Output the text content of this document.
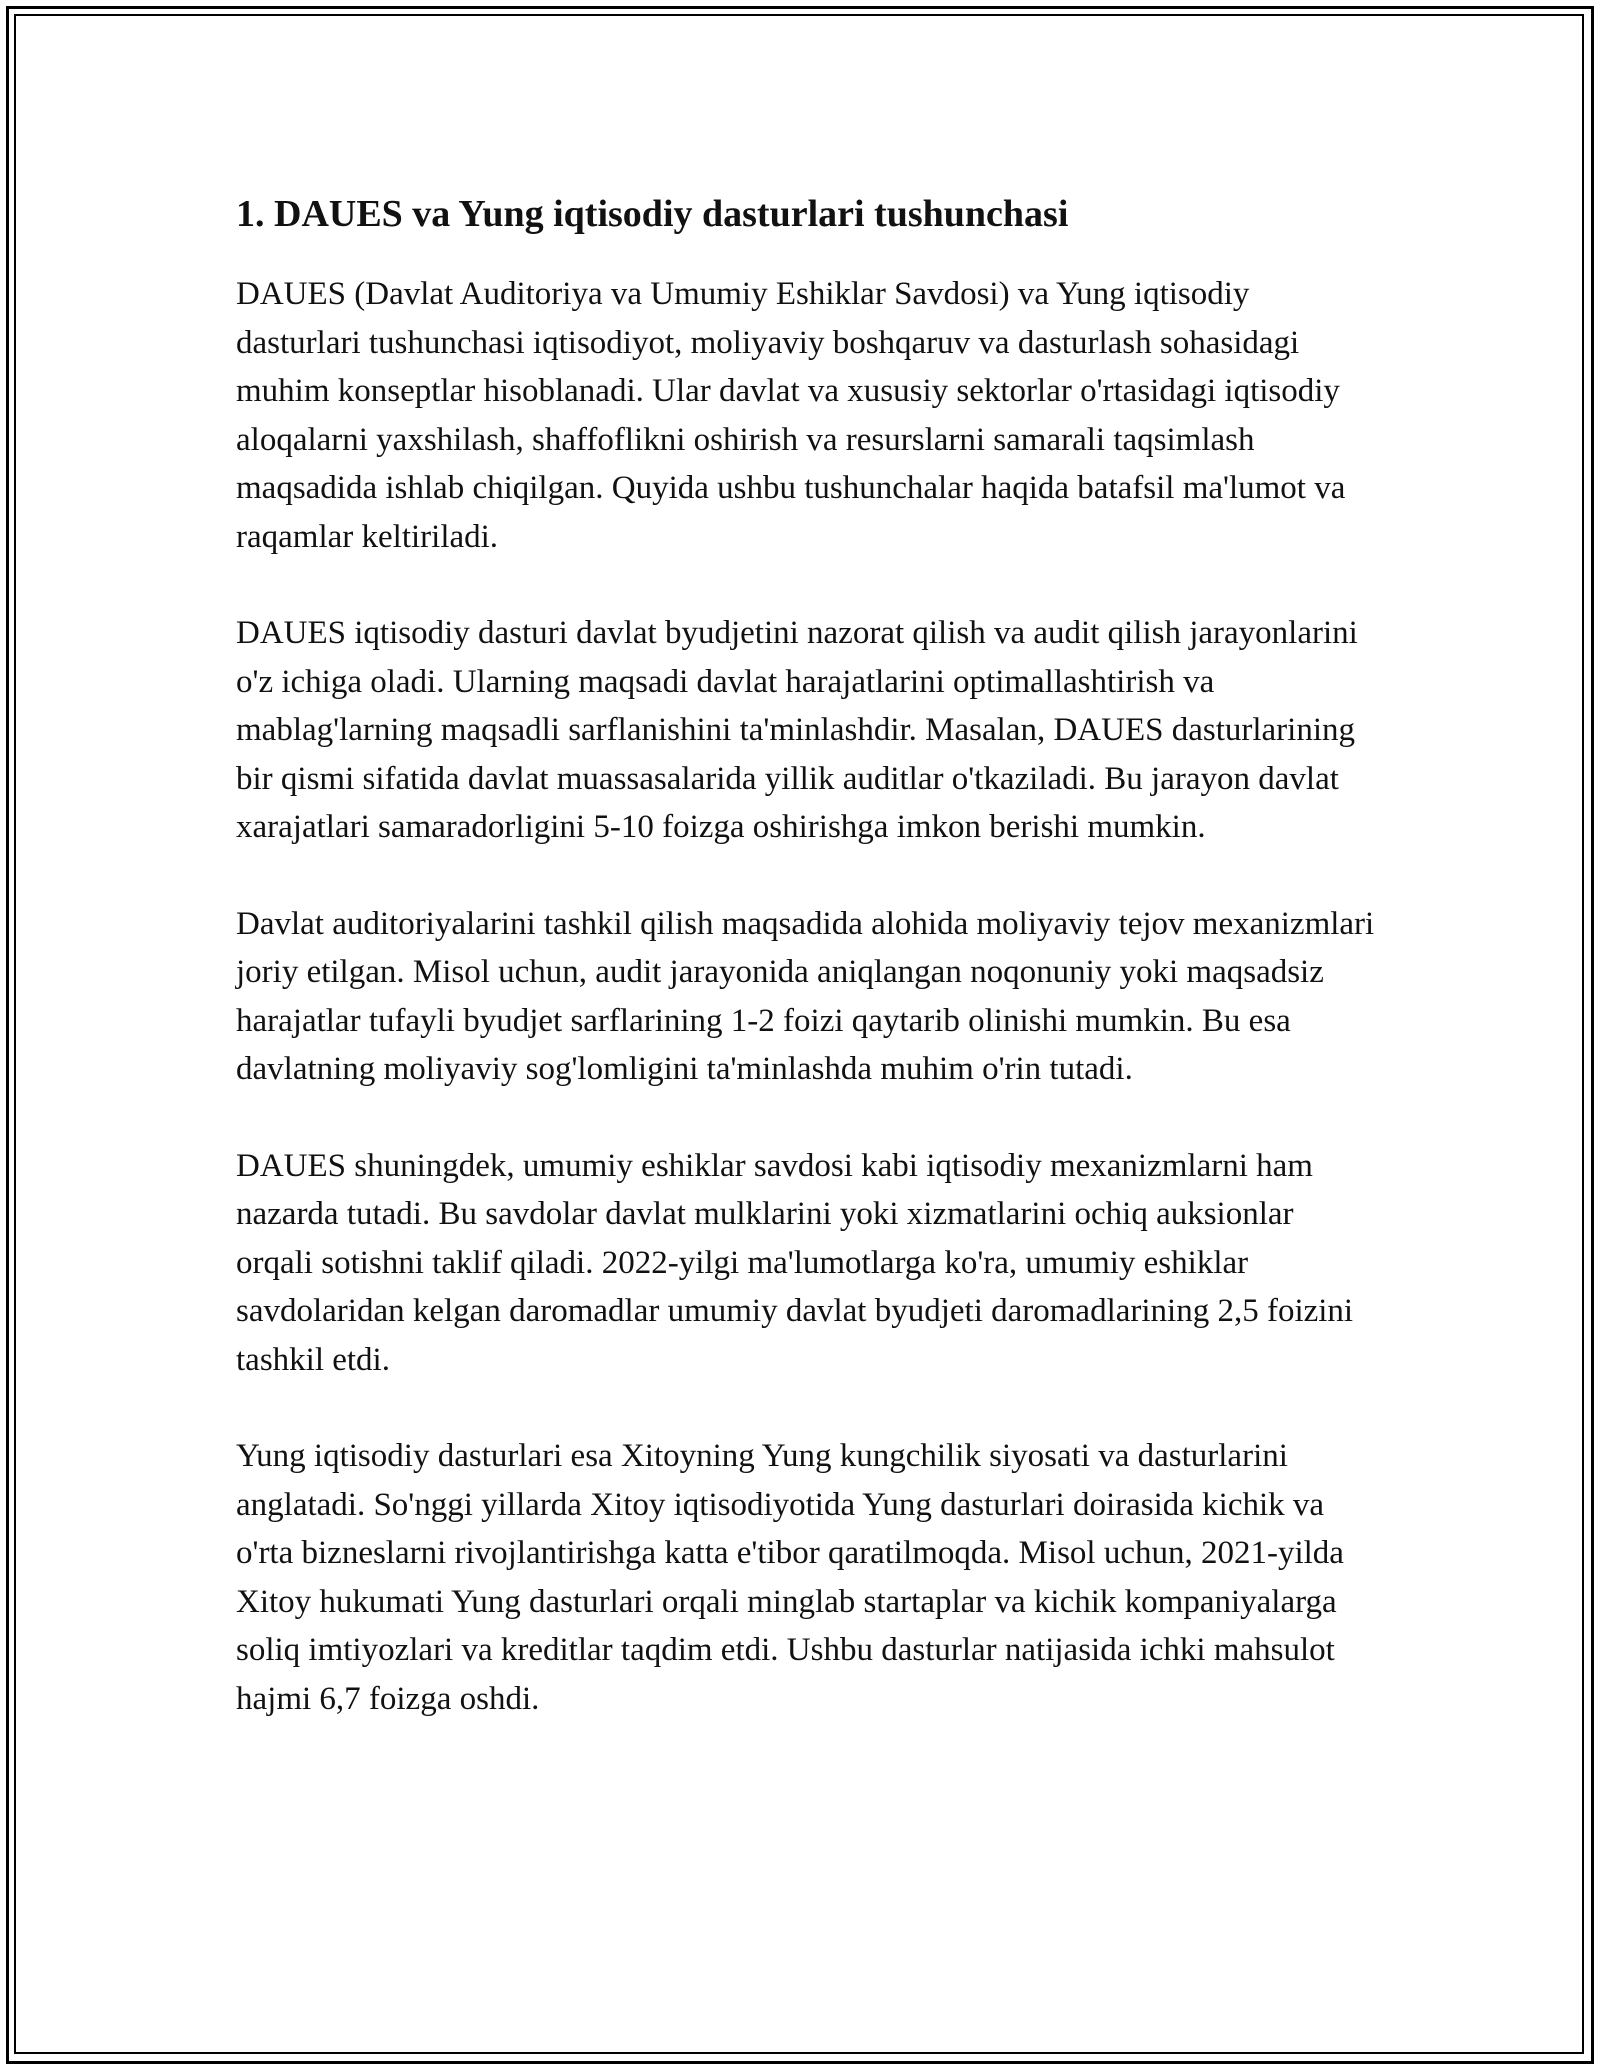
1. DAUES va Yung iqtisodiy dasturlari tushunchasi

DAUES (Davlat Auditoriya va Umumiy Eshiklar Savdosi) va Yung iqtisodiy dasturlari tushunchasi iqtisodiyot, moliyaviy boshqaruv va dasturlash sohasidagi muhim konseptlar hisoblanadi. Ular davlat va xususiy sektorlar o'rtasidagi iqtisodiy aloqalarni yaxshilash, shaffoflikni oshirish va resurslarni samarali taqsimlash maqsadida ishlab chiqilgan. Quyida ushbu tushunchalar haqida batafsil ma'lumot va raqamlar keltiriladi.

DAUES iqtisodiy dasturi davlat byudjetini nazorat qilish va audit qilish jarayonlarini o'z ichiga oladi. Ularning maqsadi davlat harajatlarini optimallashtirish va mablag'larning maqsadli sarflanishini ta'minlashdir. Masalan, DAUES dasturlarining bir qismi sifatida davlat muassasalarida yillik auditlar o'tkaziladi. Bu jarayon davlat xarajatlari samaradorligini 5-10 foizga oshirishga imkon berishi mumkin.

Davlat auditoriyalarini tashkil qilish maqsadida alohida moliyaviy tejov mexanizmlari joriy etilgan. Misol uchun, audit jarayonida aniqlangan noqonuniy yoki maqsadsiz harajatlar tufayli byudjet sarflarining 1-2 foizi qaytarib olinishi mumkin. Bu esa davlatning moliyaviy sog'lomligini ta'minlashda muhim o'rin tutadi.

DAUES shuningdek, umumiy eshiklar savdosi kabi iqtisodiy mexanizmlarni ham nazarda tutadi. Bu savdolar davlat mulklarini yoki xizmatlarini ochiq auksionlar orqali sotishni taklif qiladi. 2022-yilgi ma'lumotlarga ko'ra, umumiy eshiklar savdolaridan kelgan daromadlar umumiy davlat byudjeti daromadlarining 2,5 foizini tashkil etdi.

Yung iqtisodiy dasturlari esa Xitoyning Yung kungchilik siyosati va dasturlarini anglatadi. So'nggi yillarda Xitoy iqtisodiyotida Yung dasturlari doirasida kichik va o'rta bizneslarni rivojlantirishga katta e'tibor qaratilmoqda. Misol uchun, 2021-yilda Xitoy hukumati Yung dasturlari orqali minglab startaplar va kichik kompaniyalarga soliq imtiyozlari va kreditlar taqdim etdi. Ushbu dasturlar natijasida ichki mahsulot hajmi 6,7 foizga oshdi.
